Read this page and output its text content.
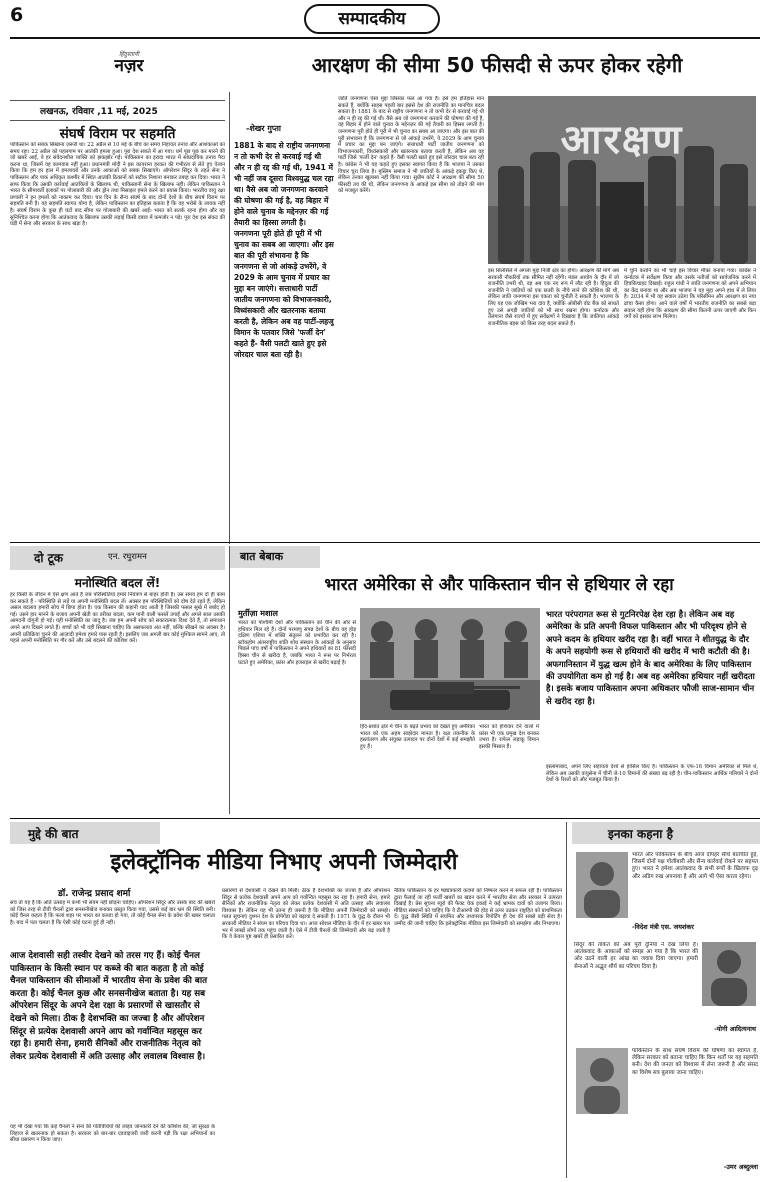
6	सम्पादकीय
हिंदुस्तानी
नज़र
लखनऊ, रविवार ,11 मई, 2025
संघर्ष विराम पर सहमति
पाकिस्तान को सबक सिखाना ज़रूरी था। 22 अप्रैल से 10 मई के बीच का समय निहायत तनाव और आशंकाओं का समय रहा। 22 अप्रैल को पहलगाम पर आतंकी हमला हुआ। पूरा देश सकते में आ गया। धर्म पूछ पूछ कर मारने की जो खबरें आईं, वे हर संवेदनशील व्यक्ति को झकझोर गईं। पाकिस्तान का इरादा भारत में सांप्रदायिक तनाव पैदा करना था, जिसमें वह कामयाब नहीं हुआ। प्रधानमंत्री मोदी ने इस कायराना हरकत की गंभीरता से लेते हुए ऐलान किया कि हम हर हाल में हमलावरों और उनके आकाओं को सबक सिखाएंगे। ऑपरेशन सिंदूर के तहत सेना ने पाकिस्तान और पाक अधिकृत कश्मीर में स्थित आतंकी ठिकानों को सटीक निशाना बनाकर तबाह कर दिया। भारत ने साफ किया कि उसकी कार्रवाई आतंकियों के खिलाफ थी, पाकिस्तानी सेना के खिलाफ नहीं। लेकिन पाकिस्तान ने भारत के सीमावर्ती इलाकों पर गोलाबारी की और ड्रोन तथा मिसाइल हमले करने का प्रयास किया। भारतीय वायु रक्षा प्रणाली ने इन हमलों को नाकाम कर दिया। चार दिन के सैन्य संघर्ष के बाद दोनों देशों के बीच संघर्ष विराम पर सहमति बनी है। यह सहमति स्वागत योग्य है, लेकिन पाकिस्तान का इतिहास बताता है कि वह भरोसे के लायक नहीं है। संघर्ष विराम के कुछ ही घंटों बाद सीमा पर गोलाबारी की खबरें आईं। भारत को सतर्क रहना होगा और यह सुनिश्चित करना होगा कि आतंकवाद के खिलाफ उसकी लड़ाई किसी दबाव में कमजोर न पड़े। पूरा देश इस संकट की घड़ी में सेना और सरकार के साथ खड़ा है।
आरक्षण की सीमा 50 फीसदी से ऊपर होकर रहेगी
-शेखर गुप्ता
1881 के बाद से राष्ट्रीय जनगणना न तो कभी देर से करवाई गई थी और न ही रद्द की गई थी, 1941 में भी नहीं जब दूसरा विश्वयुद्ध चल रहा था। वैसे अब जो जनगणना करवाने की घोषणा की गई है, वह बिहार में होने वाले चुनाव के मद्देनज़र की गई तैयारी का हिस्सा लगती है। जनगणना पूरी होते ही पूरी में भी चुनाव का सबब आ जाएगा। और इस बात की पूरी संभावना है कि जनगणना से जो आंकड़े उभरेंगे, वे 2029 के आम चुनाव में प्रचार का मुद्दा बन जाएंगे। सत्ताधारी पार्टी जातीय जनगणना को विभाजनकारी, विध्वंसकारी और खतरनाक बताया करती है, लेकिन अब वह पार्टी-लहजू विमान के पतवार जिसे 'फर्जी देन' कहते हैं- वैसी पलटी खाते हुए इसे जोरदार चाल बता रही है।
जाति जनगणना ऐसा मुद्दा जिसका फल आ गया है। इसे हम इतिहास मान सकते हैं, क्योंकि साहस पहली बार इससे देश की राजनीति का मानचित्र बदल सकता है। 1881 के बाद से राष्ट्रीय जनगणना न तो कभी देर से करवाई गई थी और न ही रद्द की गई थी। वैसे अब जो जनगणना करवाने की घोषणा की गई है, वह बिहार में होने वाले चुनाव के मद्देनज़र की गई तैयारी का हिस्सा लगती है। जनगणना पूरी होते ही पूरी में भी चुनाव का सबब आ जाएगा। और इस बात की पूरी संभावना है कि जनगणना से जो आंकड़े उभरेंगे, वे 2029 के आम चुनाव में प्रचार का मुद्दा बन जाएंगे। सत्ताधारी पार्टी जातीय जनगणना को विभाजनकारी, विध्वंसकारी और खतरनाक बताया करती है, लेकिन अब वह पार्टी जिसे 'फर्जी देन' कहते हैं- वैसी पलटी खाते हुए इसे जोरदार चाल बता रही है। कांग्रेस ने भी यह कहते हुए इसका स्वागत किया है कि भाजपा ने उसका विचार चुरा लिया है। मुस्लिम समाज ने भी जातियों के आंकड़े इकट्ठा किए थे, लेकिन उनका खुलासा नहीं किया गया। सुप्रीम कोर्ट ने आरक्षण की सीमा 50 फीसदी तय की थी, लेकिन जनगणना के आंकड़े इस सीमा को तोड़ने की मांग को मजबूत करेंगे।
आरक्षण
इस सिलसिले में अगला मुद्दा निजी क्षेत्र का होगा। आरक्षण की मांगें अब सरकारी नौकरियों तक सीमित नहीं रहेंगी। मंडल आयोग के दौर में जो राजनीति उभरी थी, वह अब एक नए रूप में लौट रही है। हिंदुत्व की राजनीति ने जातियों को एक छतरी के नीचे लाने की कोशिश की थी, लेकिन जाति जनगणना इस एकता को चुनौती दे सकती है। भाजपा के लिए यह एक जोखिम भरा दांव है, क्योंकि ओबीसी वोट बैंक को साधते हुए उसे अगड़ी जातियों को भी साथ रखना होगा। कर्नाटक और तेलंगाना जैसे राज्यों में हुए सर्वेक्षणों ने दिखाया है कि जातिगत आंकड़े राजनीतिक बहस को किस तरह बदल सकते हैं।
में चुनि करानि का भी चाहे इस विचार मौका बनाया गया। कांग्रेस ने कर्नाटक में सर्वेक्षण किया और उसके नतीजों को सार्वजनिक करने में हिचकिचाहट दिखाई। राहुल गांधी ने जाति जनगणना को अपने अभियान का केंद्र बनाया था और अब भाजपा ने यह मुद्दा अपने हाथ में ले लिया है। 2034 में भी यह सवाल उठेगा कि परिसीमन और आरक्षण का नया ढांचा कैसा होगा। आने वाले वर्षों में भारतीय राजनीति का सबसे बड़ा सवाल यही होगा कि आरक्षण की सीमा कितनी ऊपर जाएगी और किन वर्गों को इसका लाभ मिलेगा।
दो टूक	एन. रघुरामन
मनोस्थिति बदल लें!
हर किसी के जीवन में ऐसे क्षण आते हैं जब परिस्थितियां हमारे नियंत्रण से बाहर होती हैं। उस समय हम दो ही काम कर सकते हैं - परिस्थिति से लड़ें या अपनी मनोस्थिति बदल लें। अक्सर हम परिस्थितियों को दोष देते रहते हैं, लेकिन असल बदलाव हमारी सोच में छिपा होता है। एक किसान की कहानी याद आती है जिसकी फसल सूखे में बर्बाद हो गई। उसने हार मानने के बजाय अपनी खेती का तरीका बदला, कम पानी वाली फसलें उगाईं और अगले साल उसकी आमदनी दोगुनी हो गई। यही मनोस्थिति का जादू है। जब हम अपनी सोच को सकारात्मक दिशा देते हैं, तो समाधान अपने आप दिखने लगते हैं। बच्चों को भी यही सिखाना चाहिए कि असफलता अंत नहीं, बल्कि सीखने का अवसर है। अपनी प्रतिक्रिया चुनने की आज़ादी हमेशा हमारे पास रहती है। इसलिए जब अगली बार कोई मुश्किल सामने आए, तो पहले अपनी मनोस्थिति पर गौर करें और उसे बदलने की कोशिश करें।
बात बेबाक
भारत अमेरिका से और पाकिस्तान चीन से हथियार ले रहा
मुर्तीज़ा मशाल
भारत को पश्चिमी देशों और पाकिस्तान को चीन की ओर से हथियार मिल रहे हैं। दोनों परमाणु संपन्न देशों के बीच यह होड़ दक्षिण एशिया में शक्ति संतुलन को प्रभावित कर रही है। स्टॉकहोम अंतरराष्ट्रीय शांति शोध संस्थान के आंकड़ों के अनुसार पिछले पांच वर्षों में पाकिस्तान ने अपने हथियारों का 81 फीसदी हिस्सा चीन से खरीदा है, जबकि भारत ने रूस पर निर्भरता घटाते हुए अमेरिका, फ्रांस और इजराइल से खरीद बढ़ाई है।
हिंद-प्रशांत क्षेत्र में चीन के बढ़ते प्रभाव को देखते हुए अमेरिका भारत को एक अहम साझेदार मानता है। रक्षा तकनीक के हस्तांतरण और संयुक्त उत्पादन पर दोनों देशों में कई समझौते हुए हैं।
भारत को हथियार देने वालों में फ्रांस भी एक प्रमुख देश बनकर उभरा है। राफेल लड़ाकू विमान इसकी मिसाल हैं।
भारत परंपरागत रूस से गुटनिरपेक्ष देश रहा है। लेकिन अब वह अमेरिका के प्रति अपनी विफल पाकिस्तान और भी परिदृश्य होने से अपने कदम के हथियार खरीद रहा है। वहीं भारत ने शीतयुद्ध के दौर के अपने सहयोगी रूस से हथियारों की खरीद में भारी कटौती की है। अफगानिस्तान में युद्ध खत्म होने के बाद अमेरिका के लिए पाकिस्तान की उपयोगिता कम हो गई है। अब वह अमेरिका हथियार नहीं खरीदता है। इसके बजाय पाकिस्तान अपना अधिकतर फौजी साज-सामान चीन से खरीद रहा है।
इस्लामाबाद, अपने लिए सहायता देशों से हासिल किए हैं। पाकिस्तान के एफ-16 विमान अमेरिका से मिले थे, लेकिन अब उसकी वायुसेना में चीनी जे-10 विमानों की संख्या बढ़ रही है। चीन-पाकिस्तान आर्थिक गलियारे ने दोनों देशों के रिश्तों को और मजबूत किया है।
मुद्दे की बात
इलेक्ट्रॉनिक मीडिया निभाए अपनी जिम्मेदारी
डॉ. राजेन्द्र प्रसाद शर्मा
सच तो यह है कि अति उत्साह में कभी भी संयम नहीं छोड़ना चाहिए। ऑपरेशन सिंदूर और उसके बाद की खबरों को जिस तरह से टीवी चैनलों द्वारा सनसनीखेज बनाकर प्रस्तुत किया गया, उससे कई बार भ्रम की स्थिति बनी। कोई चैनल कहता है कि फलां शहर पर भारत का कब्जा हो गया, तो कोई चैनल सेना के प्रवेश की खबर चलाता है। बाद में पता चलता है कि ऐसी कोई घटना हुई ही नहीं।
आज देशवासी सही तस्वीर देखने को तरस गए हैं। कोई चैनल पाकिस्तान के किसी स्थान पर कब्जे की बात कहता है तो कोई चैनल पाकिस्तान की सीमाओं में भारतीय सेना के प्रवेश की बात करता है। कोई चैनल कुछ और सनसनीखेज बताता है। यह सब ऑपरेशन सिंदूर के अपने देश रक्षा के प्रसारणों से खासतौर से देखने को मिला। ठीक है देशभक्ति का जज्बा है और ऑपरेशन सिंदूर से प्रत्येक देशवासी अपने आप को गर्वान्वित महसूस कर रहा है। हमारी सेना, हमारी सैनिकों और राजनीतिक नेतृत्व को लेकर प्रत्येक देशवासी में अति उत्साह और लवालब विश्वास है।
यह भी देखा गया कि कई चैनलों ने सेना की गतिविधियों की लाइव जानकारी देने की कोशिश की, जो सुरक्षा के लिहाज से खतरनाक हो सकता है। सरकार को बार-बार एडवाइजरी जारी करनी पड़ी कि रक्षा अभियानों का सीधा प्रसारण न किया जाए।
प्रसारणों से देशवासी ने देखने की मिली। ठीक है देशभक्ति का जज्बा है और ऑपरेशन सिंदूर से प्रत्येक देशवासी अपने आप को गर्वान्वित महसूस कर रहा है। हमारी सेना, हमारे सैनिकों और राजनीतिक नेतृत्व को लेकर प्रत्येक देशवासी में अति उत्साह और लवालब विश्वास है। लेकिन यह भी उतना ही जरूरी है कि मीडिया अपनी जिम्मेदारी को समझे। गलत सूचनाएं दुश्मन देश के प्रोपेगेंडा को बढ़ावा दे सकती हैं। 1971 के युद्ध के दौरान भी सरकारी मीडिया ने संयम का परिचय दिया था। आज सोशल मीडिया के दौर में हर खबर पल भर में लाखों लोगों तक पहुंच जाती है। ऐसे में टीवी चैनलों की जिम्मेदारी और बढ़ जाती है कि वे केवल पुष्ट खबरें ही प्रसारित करें।
नैतिक पाकिस्तान के हर षड्यंत्रकारी कदमों को निष्फल करने में सफल रही है। पाकिस्तान द्वारा फैलाई जा रही फर्जी खबरों का खंडन करने में भारतीय सेना और सरकार ने तत्परता दिखाई है। प्रेस सूचना ब्यूरो की फैक्ट चेक इकाई ने कई भ्रामक दावों को उजागर किया। मीडिया संस्थानों को चाहिए कि वे टीआरपी की होड़ से ऊपर उठकर राष्ट्रहित को प्राथमिकता दें। युद्ध जैसी स्थिति में संयमित और तथ्यपरक रिपोर्टिंग ही देश की सबसे बड़ी सेवा है। उम्मीद की जानी चाहिए कि इलेक्ट्रॉनिक मीडिया इस जिम्मेदारी को समझेगा और निभाएगा।
इनका कहना है
भारत और पाकिस्तान के बीच आज दोपहर सीधे बातचीत हुई, जिसमें दोनों पक्ष गोलीबारी और सैन्य कार्रवाई रोकने पर सहमत हुए। भारत ने हमेशा आतंकवाद के सभी रूपों के खिलाफ दृढ़ और अडिग रुख अपनाया है और आगे भी ऐसा करता रहेगा।
-विदेश मंत्री एस. जयशंकर
सिंदूर की ताकत को अब पूरी दुनिया ने देख लिया है। आतंकवाद के आकाओं को समझ आ गया है कि भारत की ओर उठने वाली हर आंख का जवाब दिया जाएगा। हमारी सेनाओं ने अद्भुत शौर्य का परिचय दिया है।
-योगी आदित्यनाथ
पाकिस्तान के साथ संघर्ष विराम की घोषणा का स्वागत है, लेकिन सरकार को बताना चाहिए कि किन शर्तों पर यह सहमति बनी। देश की जनता को विश्वास में लेना जरूरी है और संसद का विशेष सत्र बुलाया जाना चाहिए।
-उमर अब्दुल्ला
